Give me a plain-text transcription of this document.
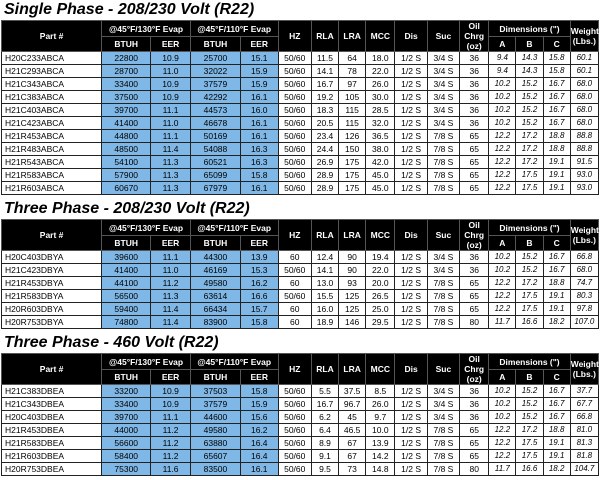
Single Phase - 208/230 Volt (R22)
Part #	@45°F/130°F Evap		@45°F/110°F Evap		HZ	RLA	LRA	MCC	Dis	Suc	Oil Chrg (oz)	Dimensions (")			Weight (Lbs.)
	BTUH	EER	BTUH	EER								A	B	C	
H20C233ABCA	22800	10.9	25700	15.1	50/60	11.5	64	18.0	1/2 S	3/4 S	36	9.4	14.3	15.8	60.1
H21C293ABCA	28700	11.0	32022	15.9	50/60	14.1	78	22.0	1/2 S	3/4 S	36	9.4	14.3	15.8	60.1
H21C343ABCA	33400	10.9	37579	15.9	50/60	16.7	97	26.0	1/2 S	3/4 S	36	10.2	15.2	16.7	68.0
H21C383ABCA	37500	10.9	42292	16.1	50/60	19.2	105	30.0	1/2 S	3/4 S	36	10.2	15.2	16.7	68.0
H21C403ABCA	39700	11.1	44573	16.0	50/60	18.3	115	28.5	1/2 S	3/4 S	36	10.2	15.2	16.7	68.0
H21C423ABCA	41400	11.0	46678	16.1	50/60	20.5	115	32.0	1/2 S	3/4 S	36	10.2	15.2	16.7	68.0
H21R453ABCA	44800	11.1	50169	16.1	50/60	23.4	126	36.5	1/2 S	7/8 S	65	12.2	17.2	18.8	88.8
H21R483ABCA	48500	11.4	54088	16.3	50/60	24.4	150	38.0	1/2 S	7/8 S	65	12.2	17.2	18.8	88.8
H21R543ABCA	54100	11.3	60521	16.3	50/60	26.9	175	42.0	1/2 S	7/8 S	65	12.2	17.2	19.1	91.5
H21R583ABCA	57900	11.3	65099	15.8	50/60	28.9	175	45.0	1/2 S	7/8 S	65	12.2	17.5	19.1	93.0
H21R603ABCA	60670	11.3	67979	16.1	50/60	28.9	175	45.0	1/2 S	7/8 S	65	12.2	17.5	19.1	93.0
Three Phase - 208/230 Volt (R22)
Part #	@45°F/130°F Evap		@45°F/110°F Evap		HZ	RLA	LRA	MCC	Dis	Suc	Oil Chrg (oz)	Dimensions (")			Weight (Lbs.)
	BTUH	EER	BTUH	EER								A	B	C	
H20C403DBYA	39600	11.1	44300	13.9	60	12.4	90	19.4	1/2 S	3/4 S	36	10.2	15.2	16.7	66.8
H21C423DBYA	41400	11.0	46169	15.3	50/60	14.1	90	22.0	1/2 S	3/4 S	36	10.2	15.2	16.7	68.0
H21R453DBYA	44100	11.2	49580	16.2	60	13.0	93	20.0	1/2 S	7/8 S	65	12.2	17.2	18.8	74.7
H21R583DBYA	56500	11.3	63614	16.6	50/60	15.5	125	26.5	1/2 S	7/8 S	65	12.2	17.5	19.1	80.3
H20R603DBYA	59400	11.4	66434	15.7	60	16.0	125	25.0	1/2 S	7/8 S	65	12.2	17.5	19.1	97.8
H20R753DBYA	74800	11.4	83900	15.8	60	18.9	146	29.5	1/2 S	7/8 S	80	11.7	16.6	18.2	107.0
Three Phase - 460 Volt (R22)
Part #	@45°F/130°F Evap		@45°F/110°F Evap		HZ	RLA	LRA	MCC	Dis	Suc	Oil Chrg (oz)	Dimensions (")			Weight (Lbs.)
	BTUH	EER	BTUH	EER								A	B	C	
H21C383DBEA	33200	10.9	37503	15.8	50/60	5.5	37.5	8.5	1/2 S	3/4 S	36	10.2	15.2	16.7	37.7
H21C343DBEA	33400	10.9	37579	15.9	50/60	16.7	96.7	26.0	1/2 S	3/4 S	36	10.2	15.2	16.7	67.7
H20C403DBEA	39700	11.1	44600	15.6	50/60	6.2	45	9.7	1/2 S	3/4 S	36	10.2	15.2	16.7	66.8
H21R453DBEA	44000	11.2	49580	16.2	50/60	6.4	46.5	10.0	1/2 S	7/8 S	65	12.2	17.2	18.8	81.0
H21R583DBEA	56600	11.2	63880	16.4	50/60	8.9	67	13.9	1/2 S	7/8 S	65	12.2	17.5	19.1	81.3
H21R603DBEA	58400	11.2	65607	16.4	50/60	9.1	67	14.2	1/2 S	7/8 S	65	12.2	17.5	19.1	81.8
H20R753DBEA	75300	11.6	83500	16.1	50/60	9.5	73	14.8	1/2 S	7/8 S	80	11.7	16.6	18.2	104.7
